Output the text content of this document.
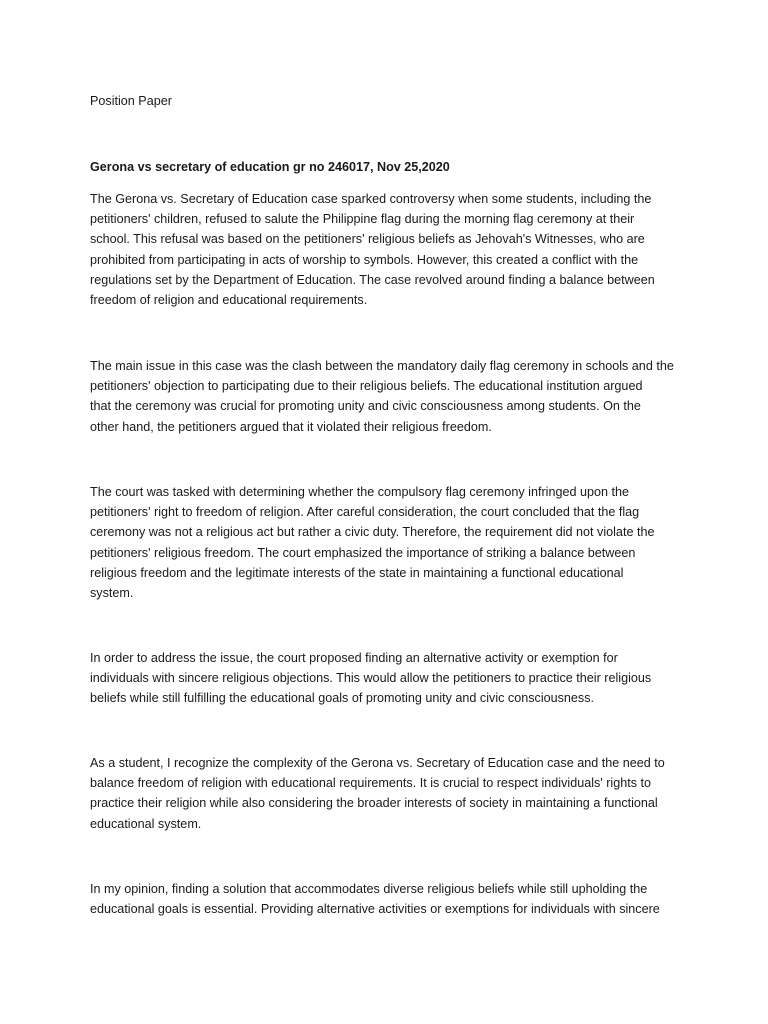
Position Paper

Gerona vs secretary of education gr no 246017, Nov 25,2020

The Gerona vs. Secretary of Education case sparked controversy when some students, including the
petitioners' children, refused to salute the Philippine flag during the morning flag ceremony at their
school. This refusal was based on the petitioners' religious beliefs as Jehovah's Witnesses, who are
prohibited from participating in acts of worship to symbols. However, this created a conflict with the
regulations set by the Department of Education. The case revolved around finding a balance between
freedom of religion and educational requirements.

The main issue in this case was the clash between the mandatory daily flag ceremony in schools and the
petitioners' objection to participating due to their religious beliefs. The educational institution argued
that the ceremony was crucial for promoting unity and civic consciousness among students. On the
other hand, the petitioners argued that it violated their religious freedom.

The court was tasked with determining whether the compulsory flag ceremony infringed upon the
petitioners' right to freedom of religion. After careful consideration, the court concluded that the flag
ceremony was not a religious act but rather a civic duty. Therefore, the requirement did not violate the
petitioners' religious freedom. The court emphasized the importance of striking a balance between
religious freedom and the legitimate interests of the state in maintaining a functional educational
system.

In order to address the issue, the court proposed finding an alternative activity or exemption for
individuals with sincere religious objections. This would allow the petitioners to practice their religious
beliefs while still fulfilling the educational goals of promoting unity and civic consciousness.

As a student, I recognize the complexity of the Gerona vs. Secretary of Education case and the need to
balance freedom of religion with educational requirements. It is crucial to respect individuals' rights to
practice their religion while also considering the broader interests of society in maintaining a functional
educational system.

In my opinion, finding a solution that accommodates diverse religious beliefs while still upholding the
educational goals is essential. Providing alternative activities or exemptions for individuals with sincere
